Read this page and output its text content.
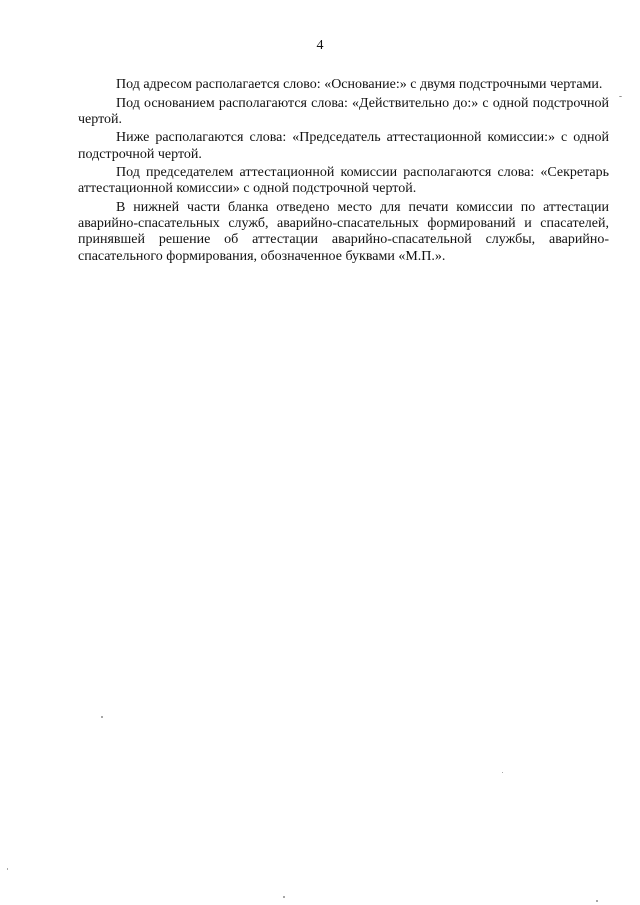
4

Под адресом располагается слово: «Основание:» с двумя подстрочными чертами.

Под основанием располагаются слова: «Действительно до:» с одной подстрочной чертой.

Ниже располагаются слова: «Председатель аттестационной комиссии:» с одной подстрочной чертой.

Под председателем аттестационной комиссии располагаются слова: «Секретарь аттестационной комиссии» с одной подстрочной чертой.

В нижней части бланка отведено место для печати комиссии по аттестации аварийно-спасательных служб, аварийно-спасательных формирований и спасателей, принявшей решение об аттестации аварийно-спасательной службы, аварийно-спасательного формирования, обозначенное буквами «М.П.».
